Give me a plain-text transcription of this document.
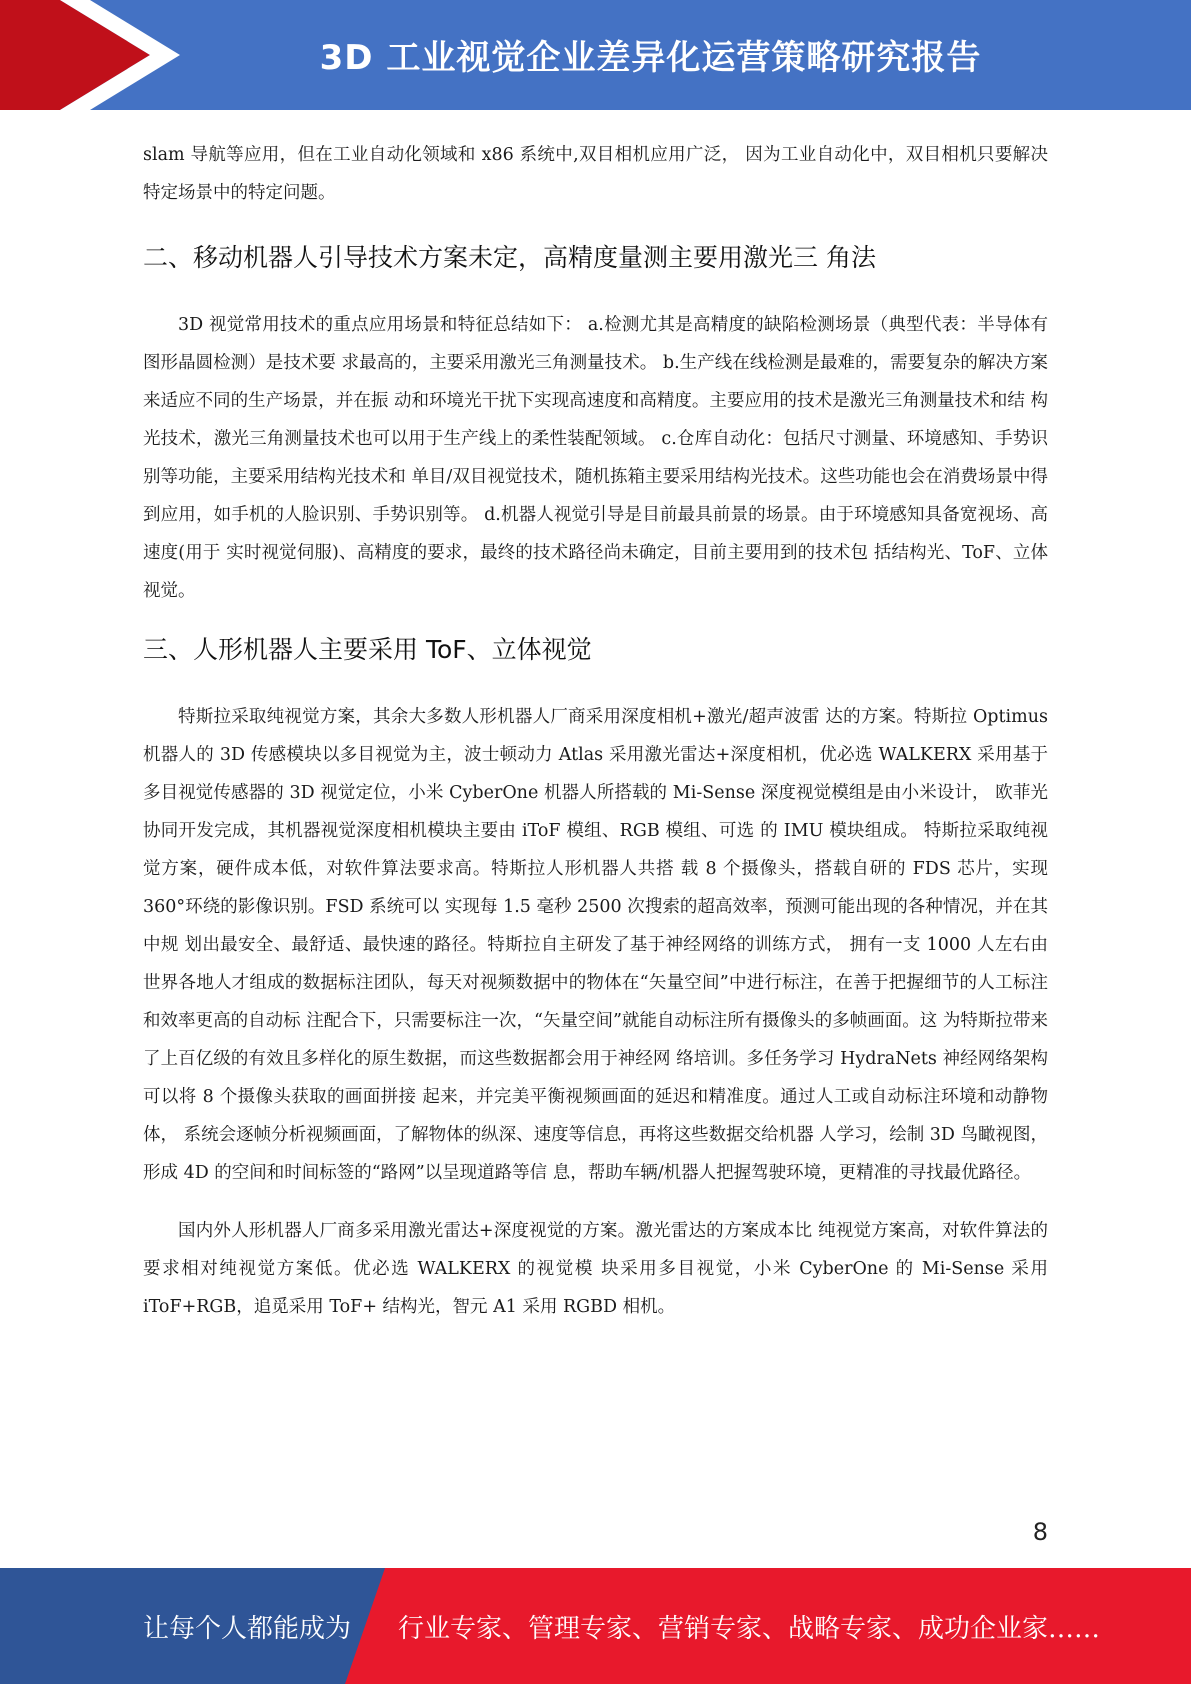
3D 工业视觉企业差异化运营策略研究报告

slam 导航等应用，但在工业自动化领域和 x86 系统中,双目相机应用广泛， 因为工业自动化中，双目相机只要解决特定场景中的特定问题。

二、移动机器人引导技术方案未定，高精度量测主要用激光三 角法

3D 视觉常用技术的重点应用场景和特征总结如下： a.检测尤其是高精度的缺陷检测场景（典型代表：半导体有图形晶圆检测）是技术要 求最高的，主要采用激光三角测量技术。 b.生产线在线检测是最难的，需要复杂的解决方案来适应不同的生产场景，并在振 动和环境光干扰下实现高速度和高精度。主要应用的技术是激光三角测量技术和结 构光技术，激光三角测量技术也可以用于生产线上的柔性装配领域。 c.仓库自动化：包括尺寸测量、环境感知、手势识别等功能，主要采用结构光技术和 单目/双目视觉技术，随机拣箱主要采用结构光技术。这些功能也会在消费场景中得 到应用，如手机的人脸识别、手势识别等。 d.机器人视觉引导是目前最具前景的场景。由于环境感知具备宽视场、高速度(用于 实时视觉伺服)、高精度的要求，最终的技术路径尚未确定，目前主要用到的技术包 括结构光、ToF、立体视觉。

三、人形机器人主要采用 ToF、立体视觉

特斯拉采取纯视觉方案，其余大多数人形机器人厂商采用深度相机+激光/超声波雷 达的方案。特斯拉 Optimus 机器人的 3D 传感模块以多目视觉为主，波士顿动力 Atlas 采用激光雷达+深度相机，优必选 WALKERX 采用基于多目视觉传感器的 3D 视觉定位，小米 CyberOne 机器人所搭载的 Mi-Sense 深度视觉模组是由小米设计， 欧菲光协同开发完成，其机器视觉深度相机模块主要由 iToF 模组、RGB 模组、可选 的 IMU 模块组成。 特斯拉采取纯视觉方案，硬件成本低，对软件算法要求高。特斯拉人形机器人共搭 载 8 个摄像头，搭载自研的 FDS 芯片，实现 360°环绕的影像识别。FSD 系统可以 实现每 1.5 毫秒 2500 次搜索的超高效率，预测可能出现的各种情况，并在其中规 划出最安全、最舒适、最快速的路径。特斯拉自主研发了基于神经网络的训练方式， 拥有一支 1000 人左右由世界各地人才组成的数据标注团队，每天对视频数据中的物体在“矢量空间”中进行标注，在善于把握细节的人工标注和效率更高的自动标 注配合下，只需要标注一次，“矢量空间”就能自动标注所有摄像头的多帧画面。这 为特斯拉带来了上百亿级的有效且多样化的原生数据，而这些数据都会用于神经网 络培训。多任务学习 HydraNets 神经网络架构可以将 8 个摄像头获取的画面拼接 起来，并完美平衡视频画面的延迟和精准度。通过人工或自动标注环境和动静物体， 系统会逐帧分析视频画面，了解物体的纵深、速度等信息，再将这些数据交给机器 人学习，绘制 3D 鸟瞰视图，形成 4D 的空间和时间标签的“路网”以呈现道路等信 息，帮助车辆/机器人把握驾驶环境，更精准的寻找最优路径。

国内外人形机器人厂商多采用激光雷达+深度视觉的方案。激光雷达的方案成本比 纯视觉方案高，对软件算法的要求相对纯视觉方案低。优必选 WALKERX 的视觉模 块采用多目视觉，小米 CyberOne 的 Mi-Sense 采用 iToF+RGB，追觅采用 ToF+ 结构光，智元 A1 采用 RGBD 相机。

8
让每个人都能成为 行业专家、管理专家、营销专家、战略专家、成功企业家……
